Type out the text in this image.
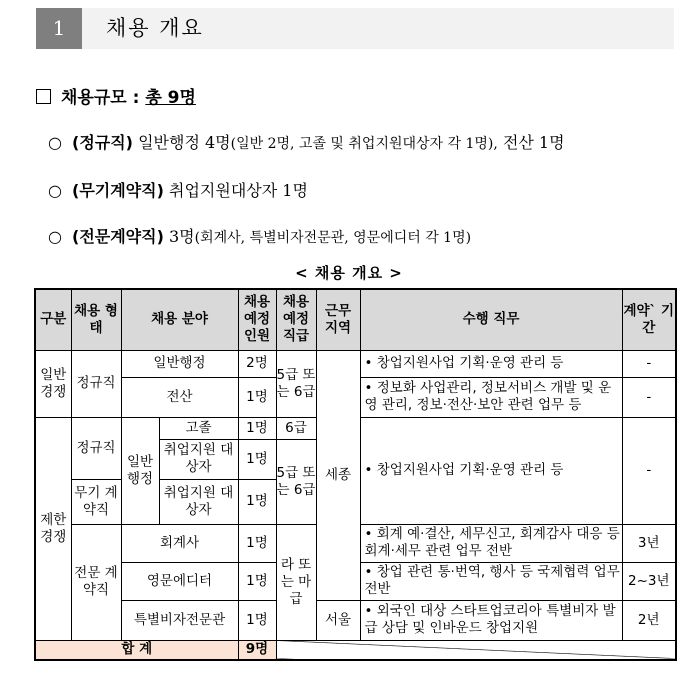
1	채용 개요
채용규모 : 총 9명
○ (정규직) 일반행정 4명(일반 2명, 고졸 및 취업지원대상자 각 1명), 전산 1명
○ (무기계약직) 취업지원대상자 1명
○ (전문계약직) 3명(회계사, 특별비자전문관, 영문에디터 각 1명)
< 채용 개요 >
구분	채용 형태	채용 분야		채용 예정 인원	채용 예정 직급	근무 지역	수행 직무	계약` 기간
일반 경쟁	정규직	일반행정		2명	5급 또는 6급	세종	• 창업지원사업 기획·운영 관리 등	-
		전산		1명			• 정보화 사업관리, 정보서비스 개발 및 운영 관리, 정보·전산·보안 관련 업무 등	-
제한 경쟁	정규직	일반 행정	고졸	1명	6급		• 창업지원사업 기획·운영 관리 등	-
			취업지원 대상자	1명	5급 또는 6급			
	무기 계약직		취업지원 대상자	1명				
	전문 계약직	회계사		1명	라 또는 마급		• 회계 예·결산, 세무신고, 회계감사 대응 등 회계·세무 관련 업무 전반	3년
		영문에디터		1명			• 창업 관련 통·번역, 행사 등 국제협력 업무 전반	2~3년
		특별비자전문관		1명		서울	• 외국인 대상 스타트업코리아 특별비자 발급 상담 및 인바운드 창업지원	2년
합 계				9명				
